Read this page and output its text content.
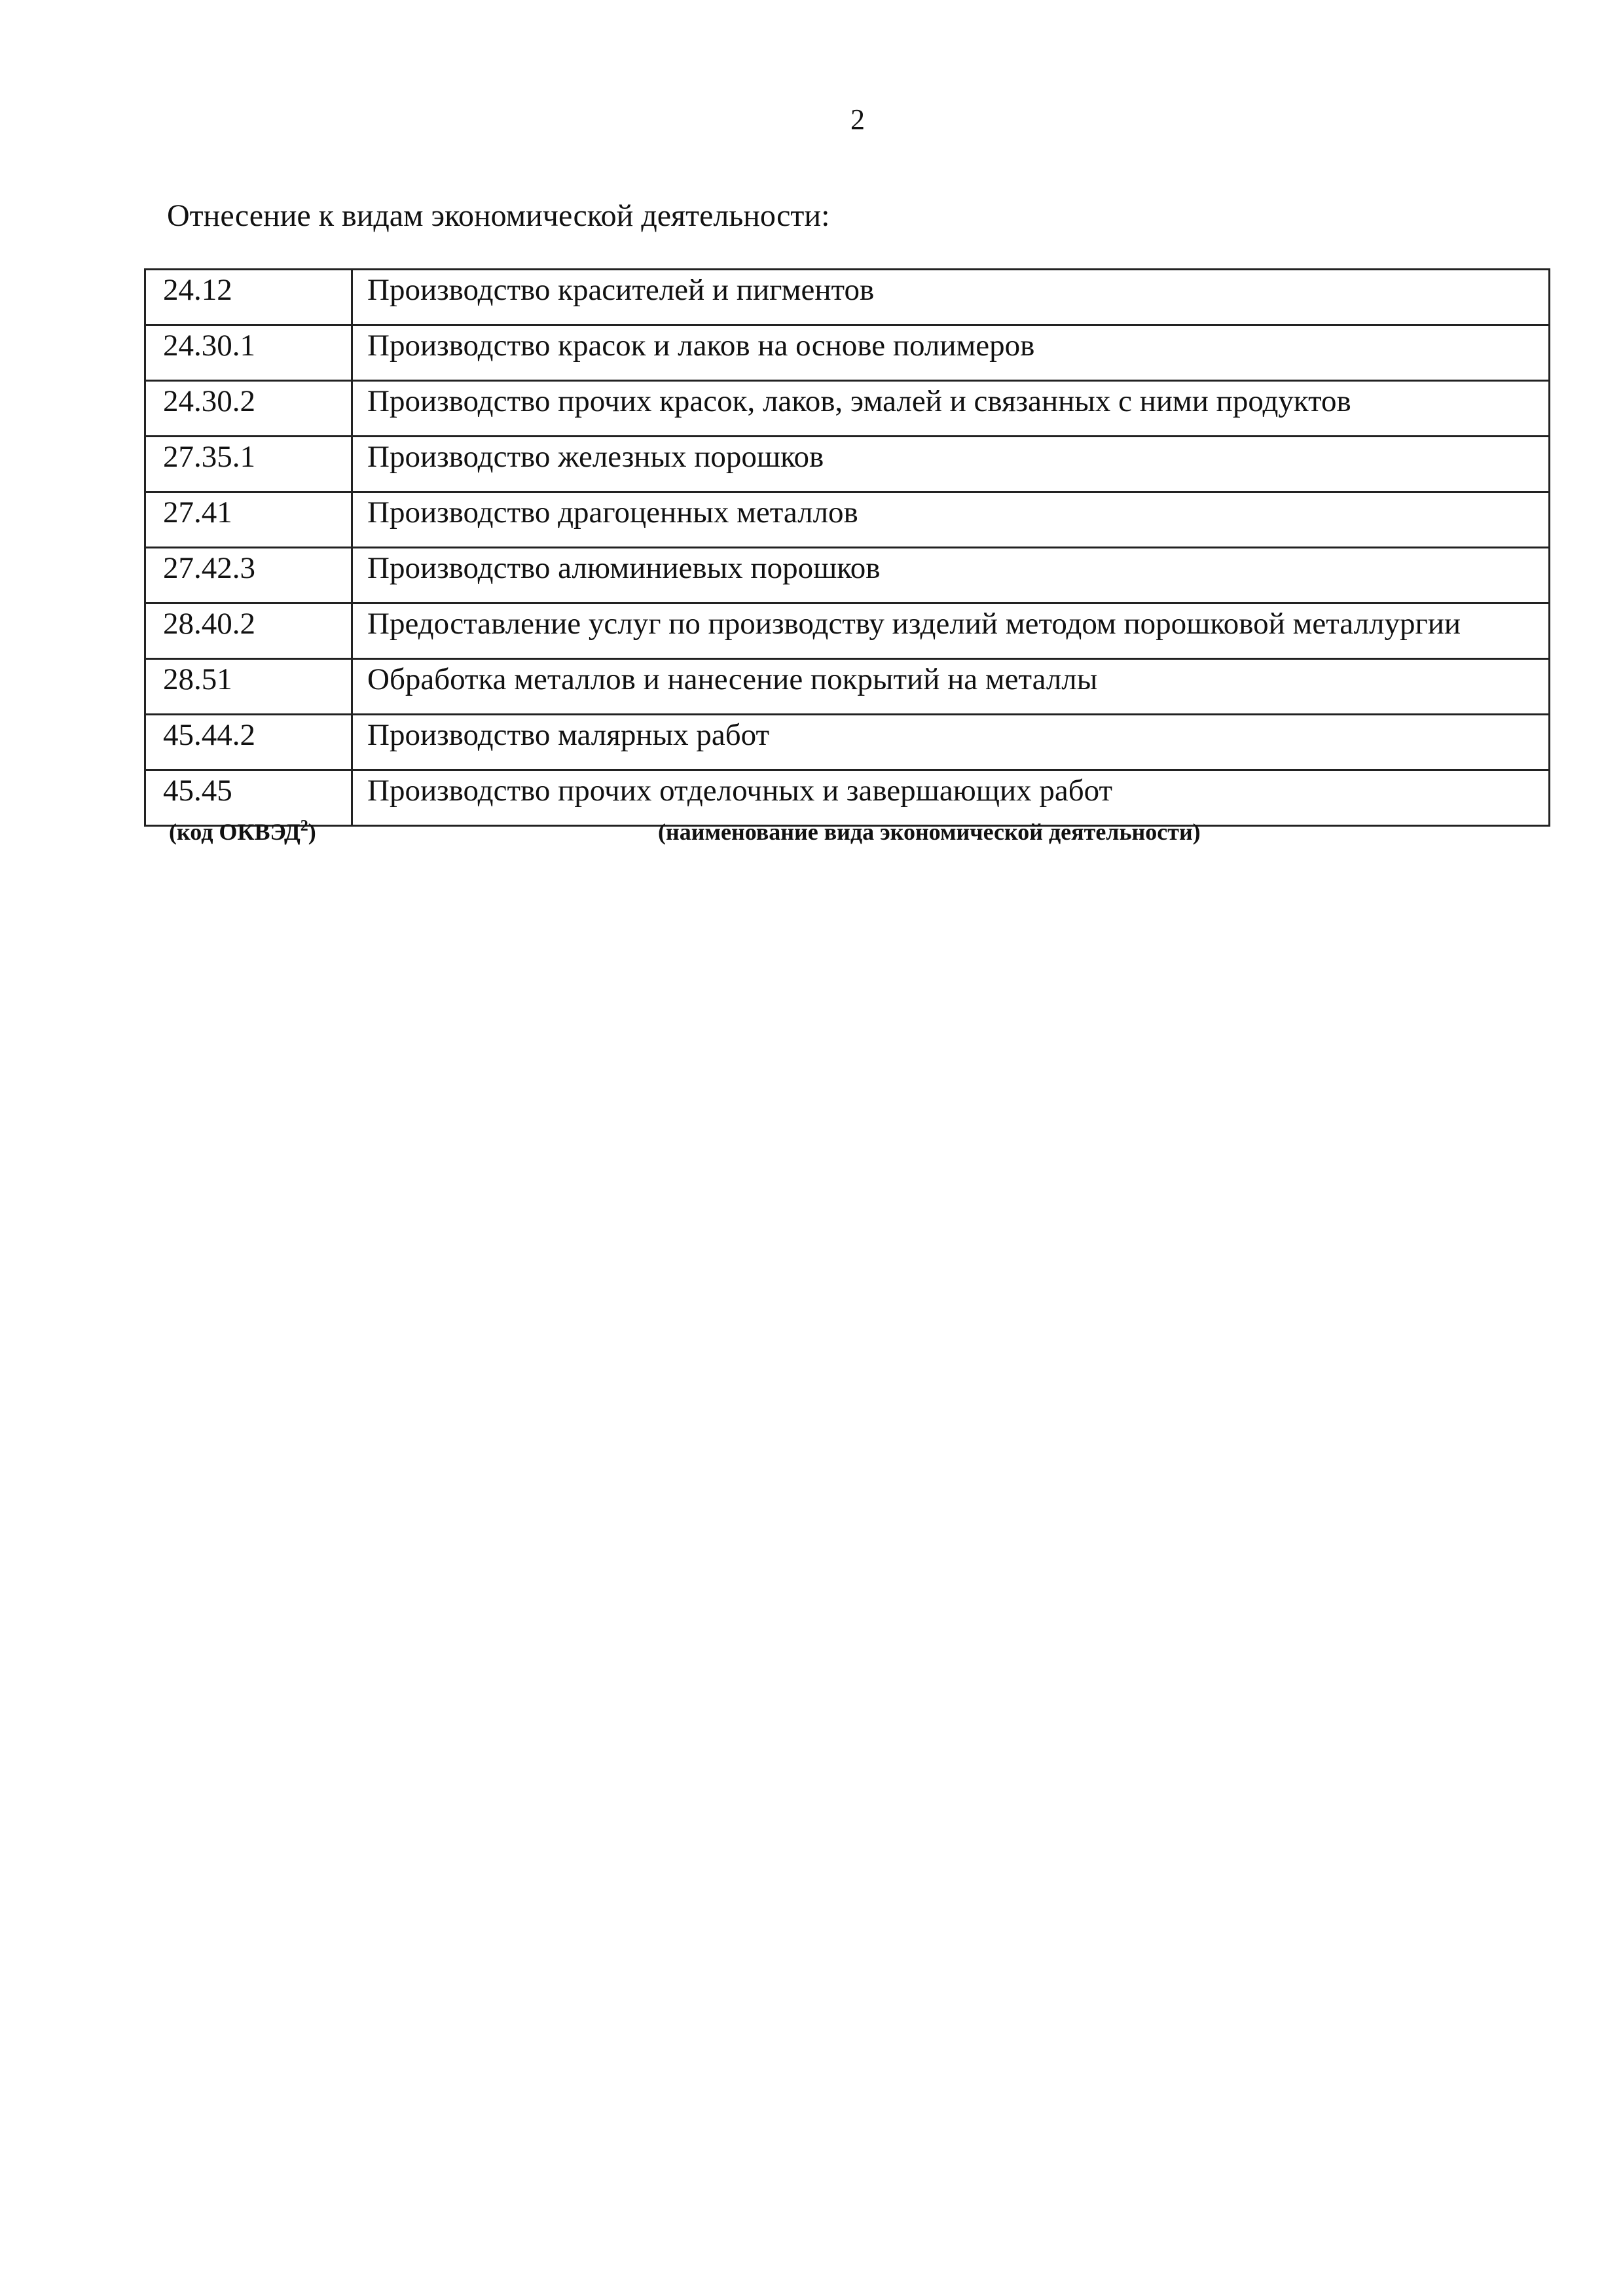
2
Отнесение к видам экономической деятельности:
24.12	Производство красителей и пигментов
24.30.1	Производство красок и лаков на основе полимеров
24.30.2	Производство прочих красок, лаков, эмалей и связанных с ними продуктов
27.35.1	Производство железных порошков
27.41	Производство драгоценных металлов
27.42.3	Производство алюминиевых порошков
28.40.2	Предоставление услуг по производству изделий методом порошковой металлургии
28.51	Обработка металлов и нанесение покрытий на металлы
45.44.2	Производство малярных работ
45.45	Производство прочих отделочных и завершающих работ
(код ОКВЭД$^2$)	(наименование вида экономической деятельности)
